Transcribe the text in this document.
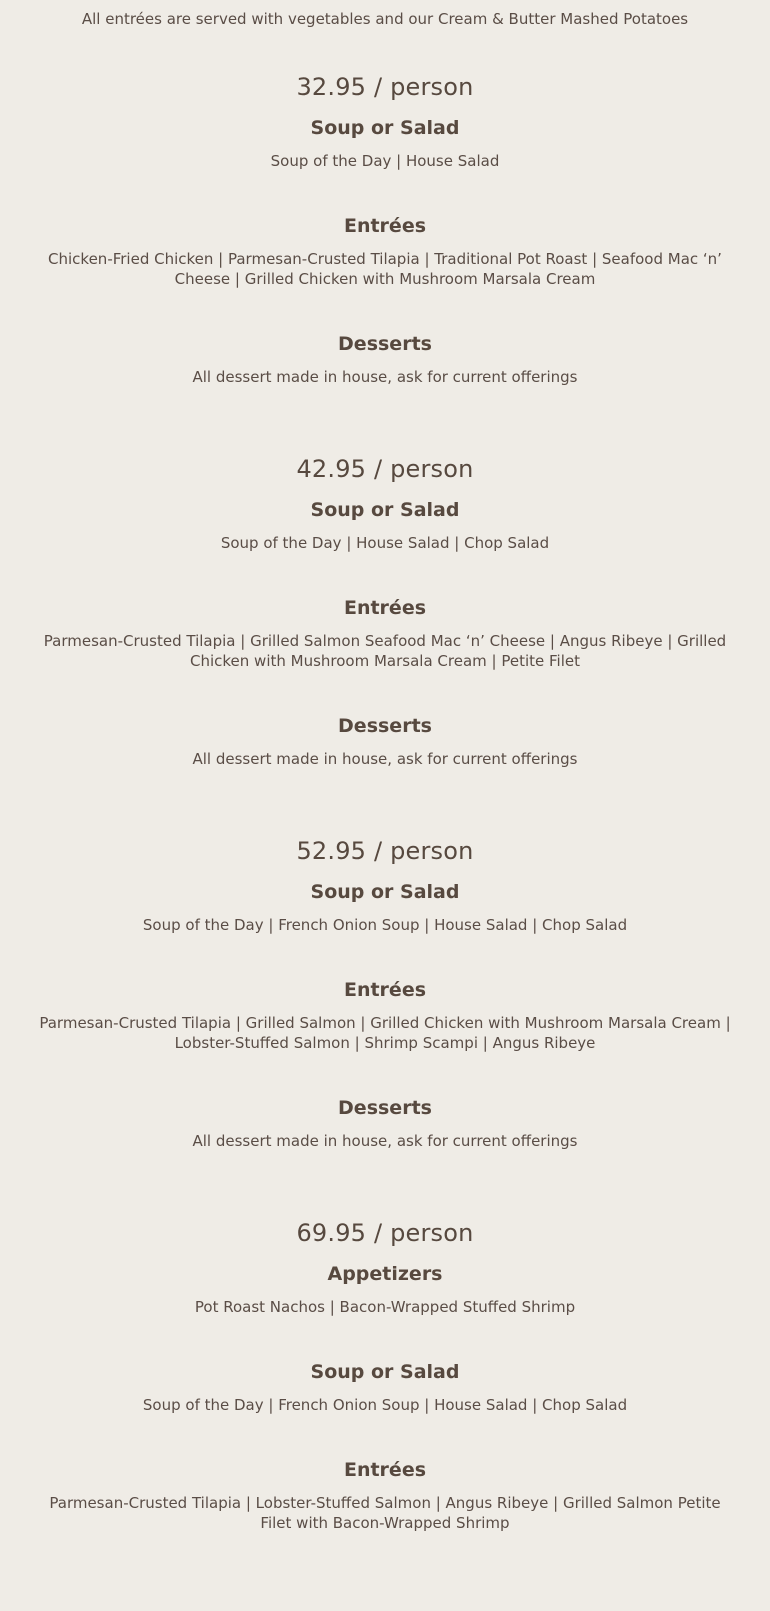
All entrées are served with vegetables and our Cream & Butter Mashed Potatoes

32.95 / person
Soup or Salad

Soup of the Day | House Salad

Entrées

Chicken-Fried Chicken | Parmesan-Crusted Tilapia | Traditional Pot Roast | Seafood Mac ‘n’ Cheese | Grilled Chicken with Mushroom Marsala Cream

Desserts

All dessert made in house, ask for current offerings

42.95 / person
Soup or Salad

Soup of the Day | House Salad | Chop Salad

Entrées

Parmesan-Crusted Tilapia | Grilled Salmon Seafood Mac ‘n’ Cheese | Angus Ribeye | Grilled Chicken with Mushroom Marsala Cream | Petite Filet

Desserts

All dessert made in house, ask for current offerings

52.95 / person
Soup or Salad

Soup of the Day | French Onion Soup | House Salad | Chop Salad

Entrées

Parmesan-Crusted Tilapia | Grilled Salmon | Grilled Chicken with Mushroom Marsala Cream | Lobster-Stuffed Salmon | Shrimp Scampi | Angus Ribeye

Desserts

All dessert made in house, ask for current offerings

69.95 / person
Appetizers

Pot Roast Nachos | Bacon-Wrapped Stuffed Shrimp

Soup or Salad

Soup of the Day | French Onion Soup | House Salad | Chop Salad

Entrées

Parmesan-Crusted Tilapia | Lobster-Stuffed Salmon | Angus Ribeye | Grilled Salmon Petite Filet with Bacon-Wrapped Shrimp
